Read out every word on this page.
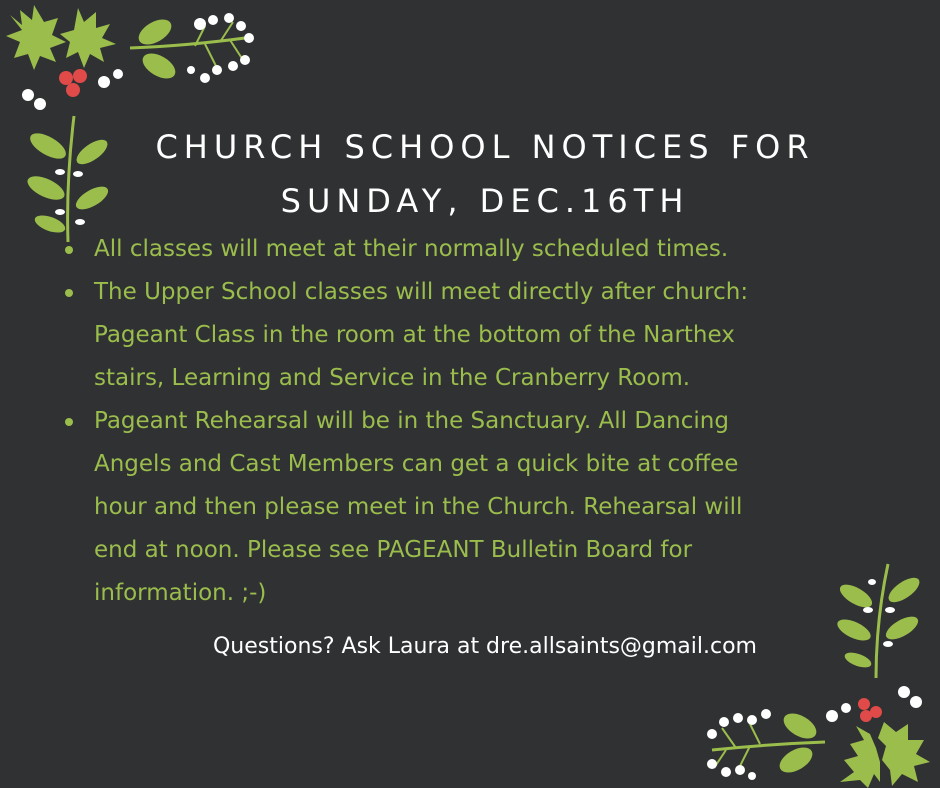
CHURCH SCHOOL NOTICES FOR
SUNDAY, DEC.16TH
All classes will meet at their normally scheduled times.
The Upper School classes will meet directly after church:
Pageant Class in the room at the bottom of the Narthex
stairs, Learning and Service in the Cranberry Room.
Pageant Rehearsal will be in the Sanctuary. All Dancing
Angels and Cast Members can get a quick bite at coffee
hour and then please meet in the Church. Rehearsal will
end at noon. Please see PAGEANT Bulletin Board for
information. ;-)

Questions? Ask Laura at dre.allsaints@gmail.com
